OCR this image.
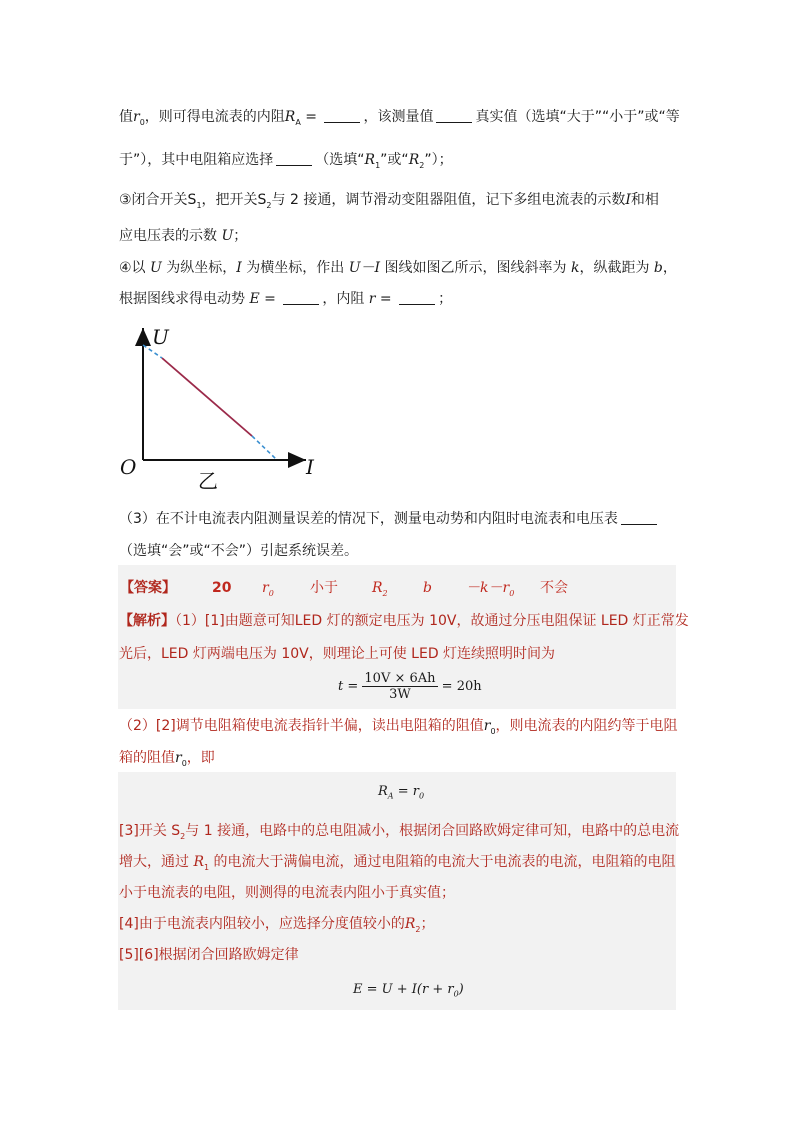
值$r_0$，则可得电流表的内阻$R_A$ =	，该测量值	真实值（选填“大于”“小于”或“等
于”），其中电阻箱应选择	（选填“$R_1$”或“$R_2$”）；
③闭合开关$S_1$，把开关$S_2$与 2 接通，调节滑动变阻器阻值，记下多组电流表的示数I和相
应电压表的示数 U；
④以 U 为纵坐标，I 为横坐标，作出 U－I 图线如图乙所示，图线斜率为 k，纵截距为 b，
根据图线求得电动势 E =	，内阻 r =	；
U
O	I
乙
（3）在不计电流表内阻测量误差的情况下，测量电动势和内阻时电流表和电压表
（选填“会”或“不会”）引起系统误差。
【答案】	20 $r_0$	小于 $R_2$	$b -k-r_0$ 不会
【解析】（1）[1]由题意可知LED 灯的额定电压为 10V，故通过分压电阻保证 LED 灯正常发
光后，LED 灯两端电压为 10V，则理论上可使 LED 灯连续照明时间为
$t = \frac{10V \times 6Ah}{3W} = 20h$
（2）[2]调节电阻箱使电流表指针半偏，读出电阻箱的阻值$r_0$，则电流表的内阻约等于电阻
箱的阻值$r_0$，即
$R_A = r_0$
[3]开关 $S_2$与 1 接通，电路中的总电阻减小，根据闭合回路欧姆定律可知，电路中的总电流
增大，通过 $R_1$ 的电流大于满偏电流，通过电阻箱的电流大于电流表的电流，电阻箱的电阻
小于电流表的电阻，则测得的电流表内阻小于真实值；
[4]由于电流表内阻较小，应选择分度值较小的$R_2$；
[5][6]根据闭合回路欧姆定律
$E = U + I(r + r_0)$
